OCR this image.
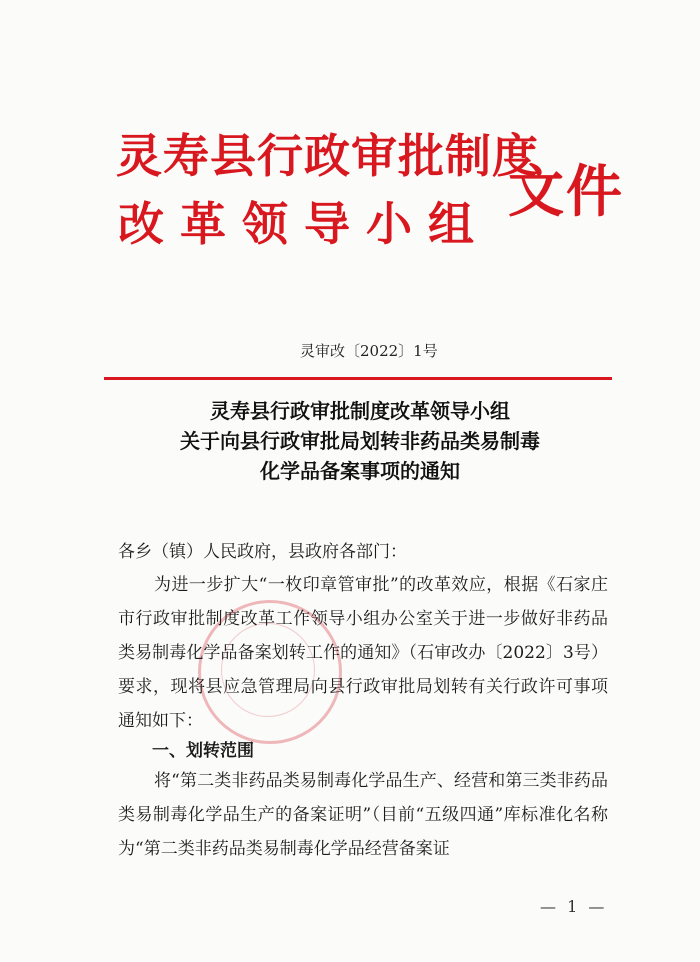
灵寿县行政审批制度
改革领导小组 文件
灵审改〔2022〕1号
灵寿县行政审批制度改革领导小组
关于向县行政审批局划转非药品类易制毒
化学品备案事项的通知
各乡（镇）人民政府，县政府各部门：
为进一步扩大“一枚印章管审批”的改革效应，根据《石家庄市行政审批制度改革工作领导小组办公室关于进一步做好非药品类易制毒化学品备案划转工作的通知》（石审改办〔2022〕3号）要求，现将县应急管理局向县行政审批局划转有关行政许可事项通知如下：
一、划转范围
将“第二类非药品类易制毒化学品生产、经营和第三类非药品类易制毒化学品生产的备案证明”（目前“五级四通”库标准化名称为“第二类非药品类易制毒化学品经营备案证
— 1 —
